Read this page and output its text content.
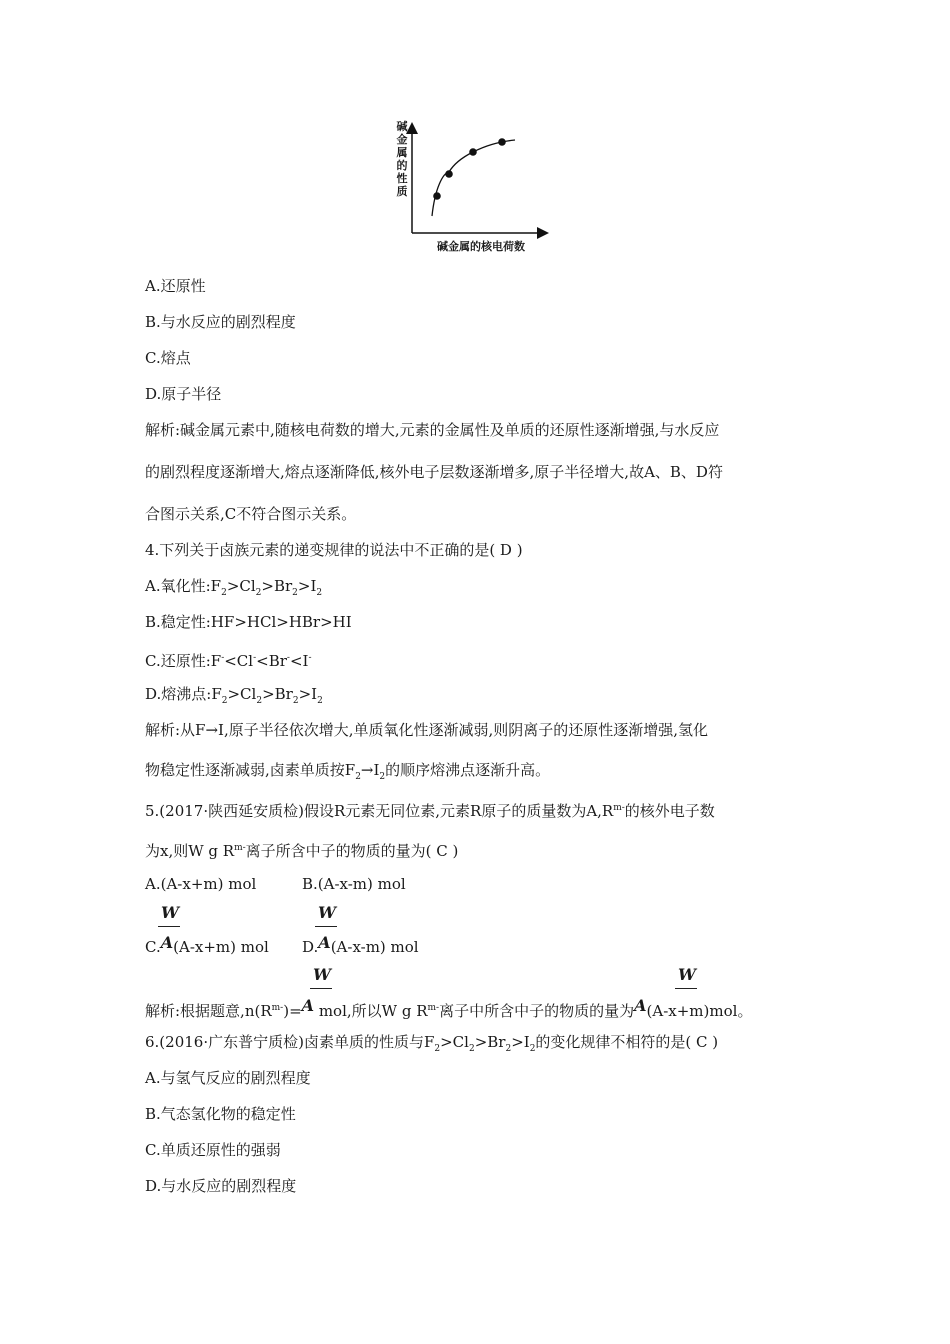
碱金属的性质
碱金属的核电荷数
A.还原性
B.与水反应的剧烈程度
C.熔点
D.原子半径
解析:碱金属元素中,随核电荷数的增大,元素的金属性及单质的还原性逐渐增强,与水反应
的剧烈程度逐渐增大,熔点逐渐降低,核外电子层数逐渐增多,原子半径增大,故A、B、D符
合图示关系,C不符合图示关系。
4.下列关于卤族元素的递变规律的说法中不正确的是( D )
A.氧化性$:F_2>Cl_2>Br_2>I_2$
B.稳定性:HF>HCl>HBr>HI
C.还原性:F-<Cl-<Br-<I-
D.熔沸点$:F_2>Cl_2>Br_2>I_2$
解析:从F→I,原子半径依次增大,单质氧化性逐渐减弱,则阴离子的还原性逐渐增强,氢化
物稳定性逐渐减弱,卤素单质按$F_2\to I_2$的顺序熔沸点逐渐升高。
5.(2017·陕西延安质检)假设R元素无同位素,元素R原子的质量数为$A,R^{m-}$的核外电子数
为x,则W g $R^{m-}$离子所含中子的物质的量为( C )
A.(A-x+m) mol	B.(A-x-m) mol
W
C.A(A-x+m) mol
W
D.A(A-x-m) mol
W	W
解析:根据题意$,n(R^{m-})=A$ mol,所以W g $R^{m-}$离子中所含中子的物质的量为A(A-x+m)mol。
6.(2016·广东普宁质检)卤素单质的性质与$F_2>Cl_2>Br_2>I_2$的变化规律不相符的是( C )
A.与氢气反应的剧烈程度
B.气态氢化物的稳定性
C.单质还原性的强弱
D.与水反应的剧烈程度
